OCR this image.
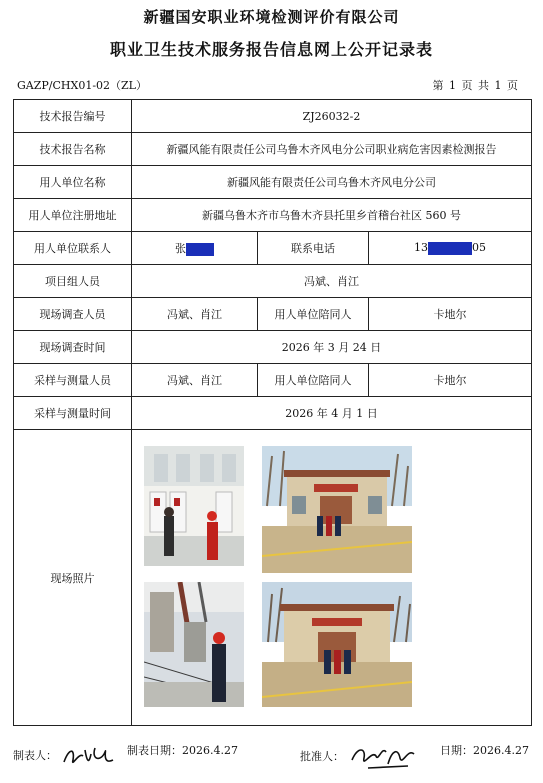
新疆国安职业环境检测评价有限公司
职业卫生技术服务报告信息网上公开记录表
GAZP/CHX01-02（ZL）	第 1 页 共 1 页
技术报告编号	ZJ26032-2		
技术报告名称	新疆风能有限责任公司乌鲁木齐风电分公司职业病危害因素检测报告		
用人单位名称	新疆风能有限责任公司乌鲁木齐风电分公司		
用人单位注册地址	新疆乌鲁木齐市乌鲁木齐县托里乡首稽台社区 560 号		
用人单位联系人	张	联系电话	13 05
项目组人员	冯斌、肖江		
现场调查人员	冯斌、肖江	用人单位陪同人	卡地尔
现场调查时间	2026 年 3 月 24 日		
采样与测量人员	冯斌、肖江	用人单位陪同人	卡地尔
采样与测量时间	2026 年 4 月 1 日		
现场照片	
制表人：	制表日期：2026.4.27	批准人：	日期：2026.4.27
